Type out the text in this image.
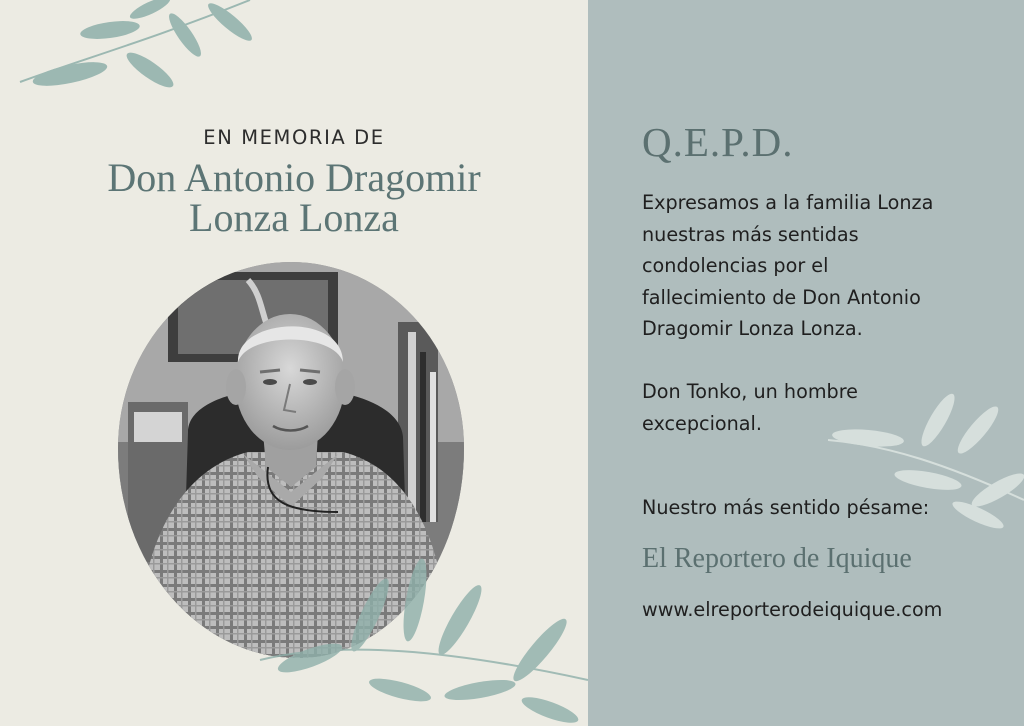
EN MEMORIA DE
Don Antonio Dragomir
Lonza Lonza
Q.E.P.D.

Expresamos a la familia Lonza
nuestras más sentidas
condolencias por el
fallecimiento de Don Antonio
Dragomir Lonza Lonza.

Don Tonko, un hombre
excepcional.

Nuestro más sentido pésame:
El Reportero de Iquique
www.elreporterodeiquique.com
